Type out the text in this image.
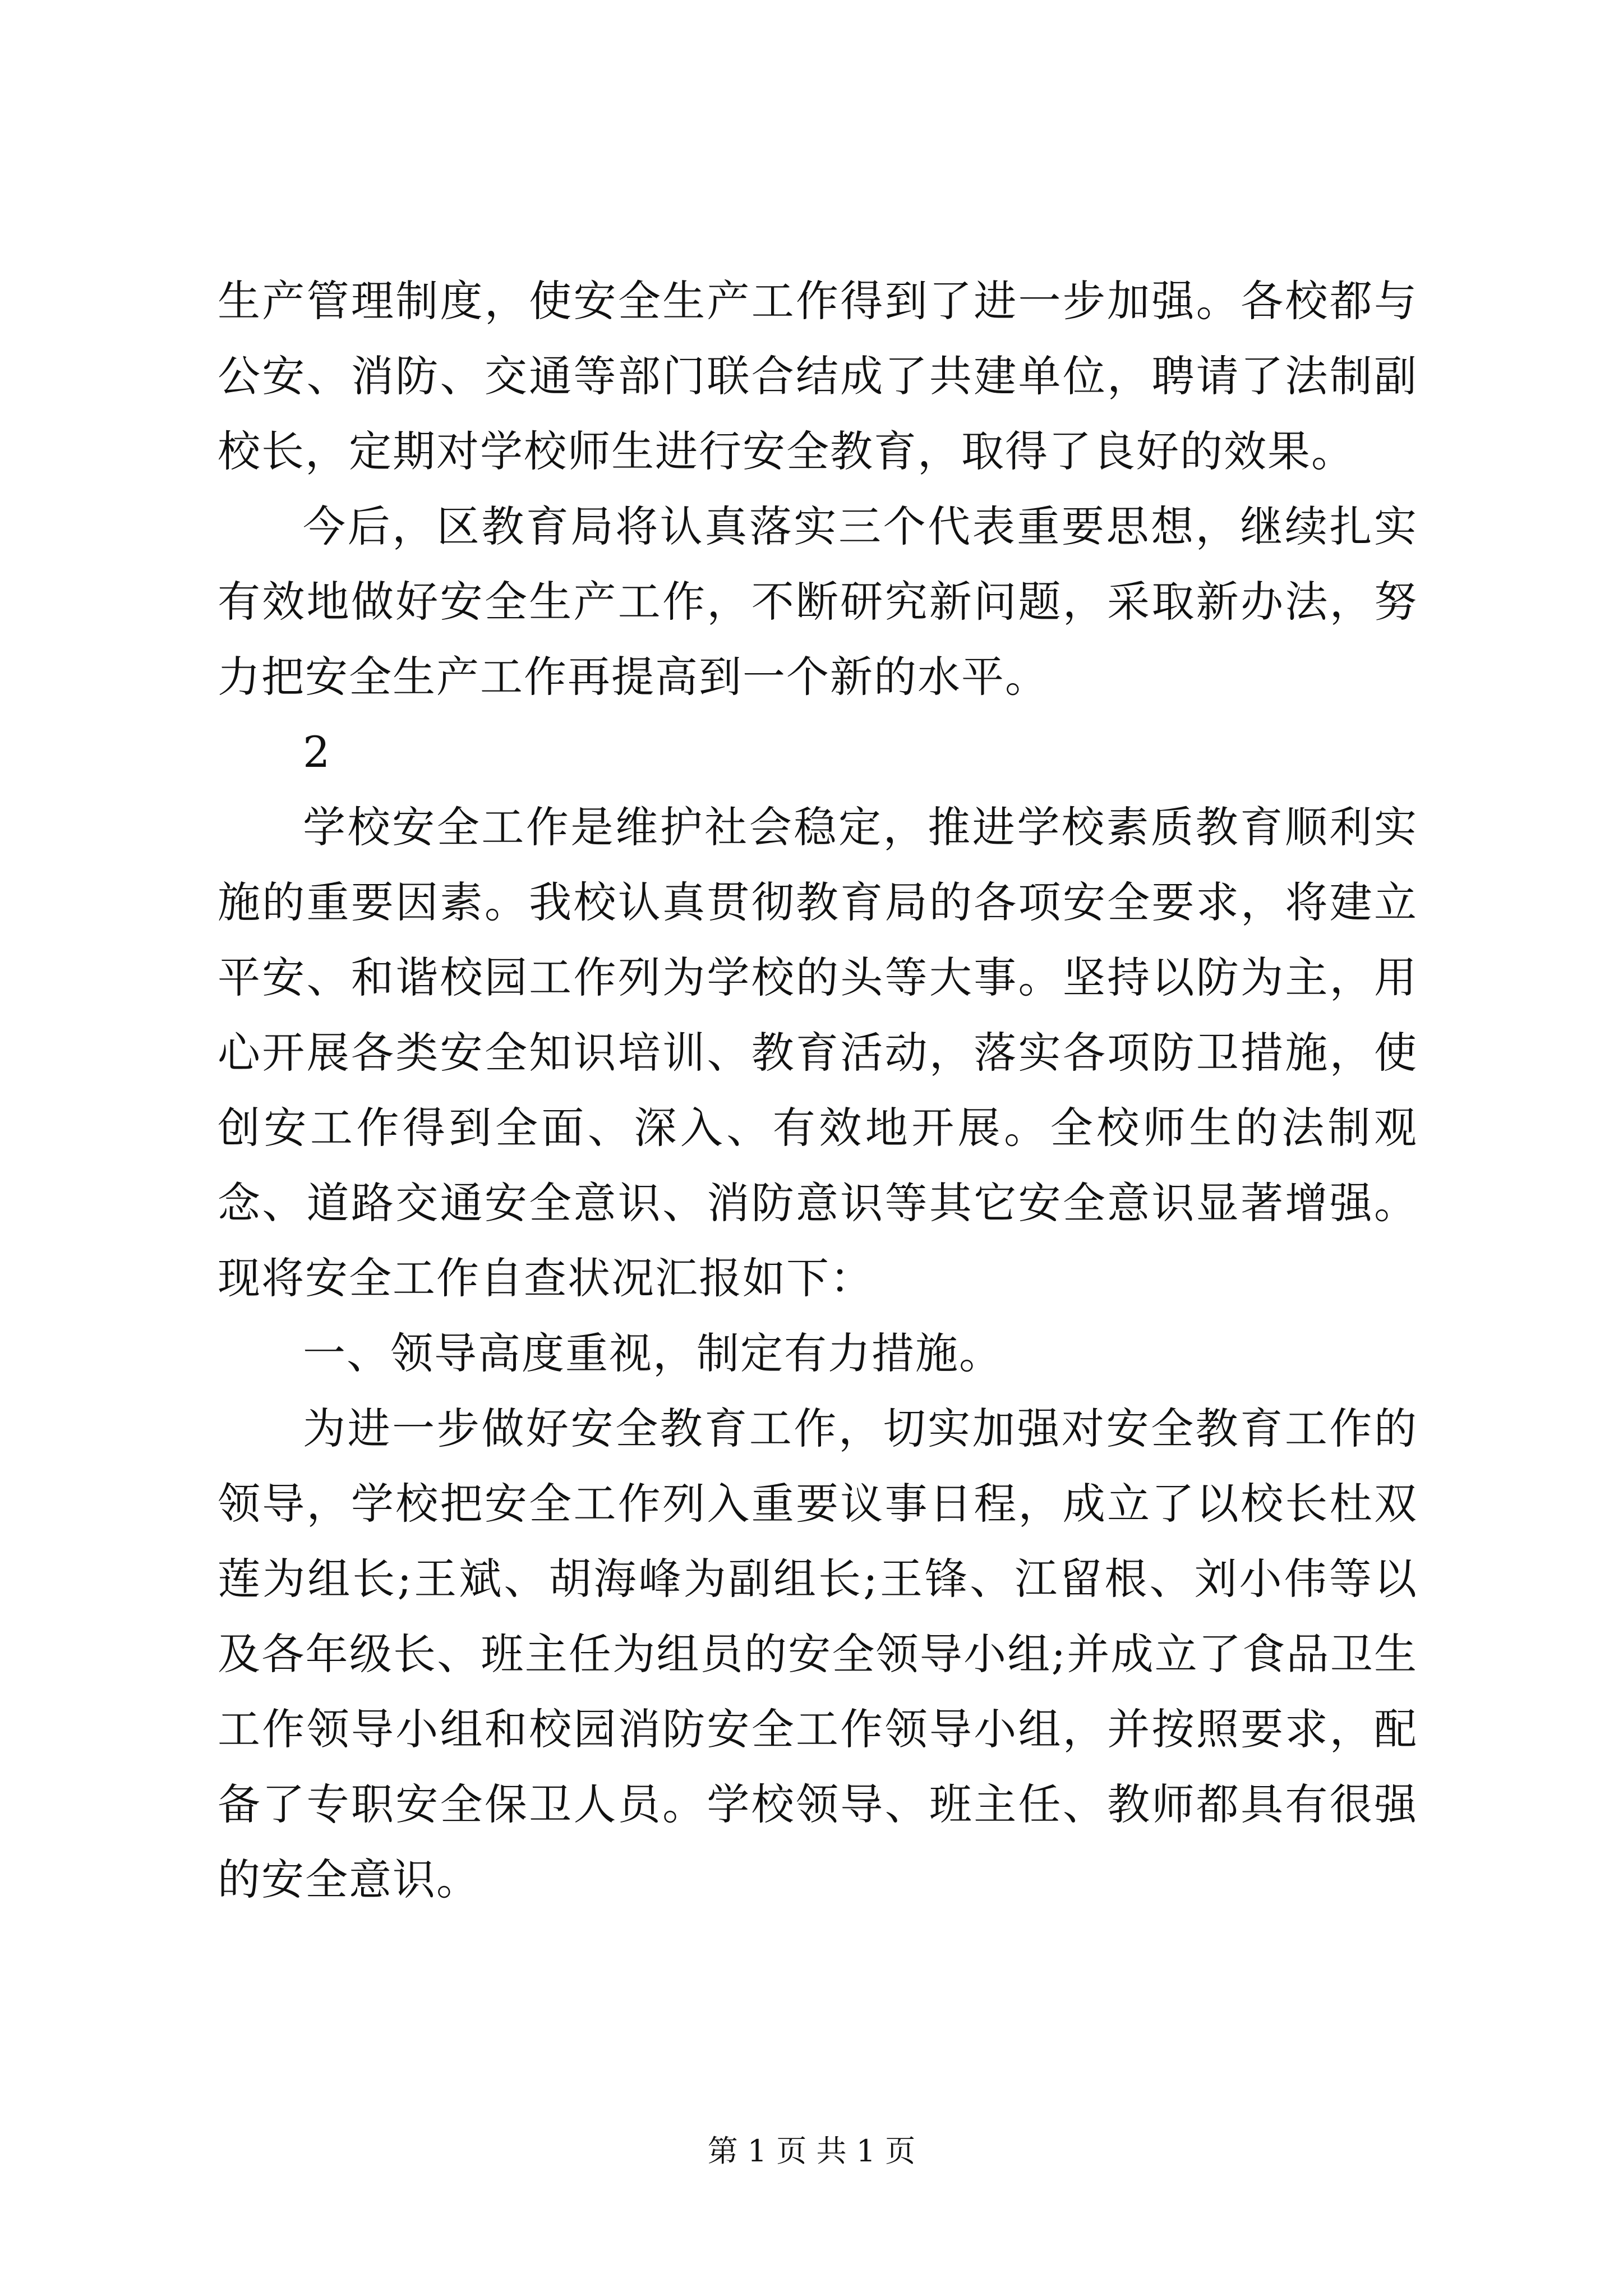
生产管理制度，使安全生产工作得到了进一步加强。各校都与公安、消防、交通等部门联合结成了共建单位，聘请了法制副校长，定期对学校师生进行安全教育，取得了良好的效果。

今后，区教育局将认真落实三个代表重要思想，继续扎实有效地做好安全生产工作，不断研究新问题，采取新办法，努力把安全生产工作再提高到一个新的水平。

2

学校安全工作是维护社会稳定，推进学校素质教育顺利实施的重要因素。我校认真贯彻教育局的各项安全要求，将建立平安、和谐校园工作列为学校的头等大事。坚持以防为主，用心开展各类安全知识培训、教育活动，落实各项防卫措施，使创安工作得到全面、深入、有效地开展。全校师生的法制观念、道路交通安全意识、消防意识等其它安全意识显著增强。现将安全工作自查状况汇报如下：

一、领导高度重视，制定有力措施。

为进一步做好安全教育工作，切实加强对安全教育工作的领导，学校把安全工作列入重要议事日程，成立了以校长杜双莲为组长;王斌、胡海峰为副组长;王锋、江留根、刘小伟等以及各年级长、班主任为组员的安全领导小组;并成立了食品卫生工作领导小组和校园消防安全工作领导小组，并按照要求，配备了专职安全保卫人员。学校领导、班主任、教师都具有很强的安全意识。

第 1 页 共 1 页
